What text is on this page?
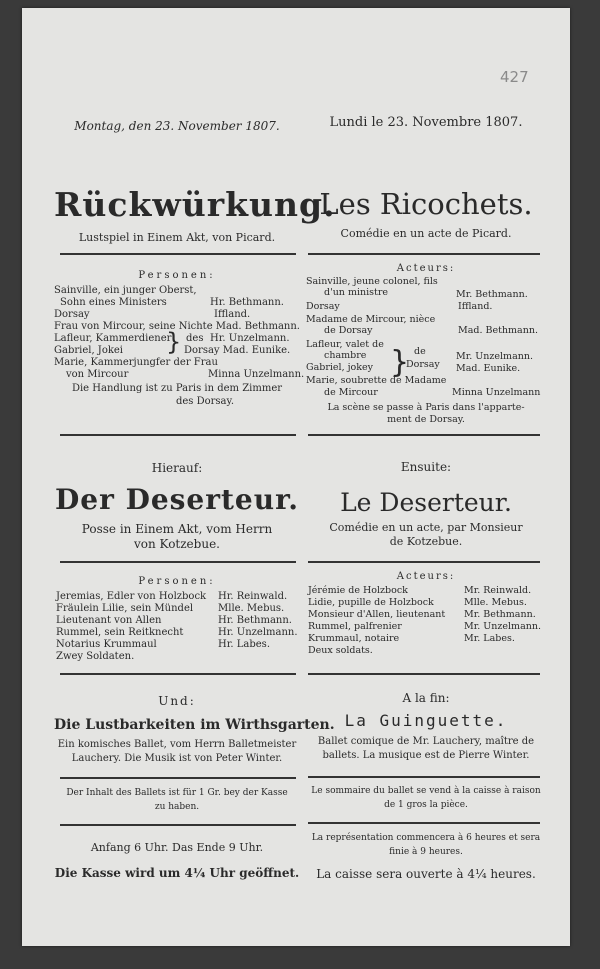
427
Montag, den 23. November 1807.
Rückwürkung.
Lustspiel in Einem Akt, von Picard.
Personen:
Sainville, ein junger Oberst,
Sohn eines Ministers	Hr. Bethmann.
Dorsay	Iffland.
Frau von Mircour, seine Nichte Mad. Bethmann.
Lafleur, Kammerdiener
} des Hr. Unzelmann.
Gabriel, Jokei	Dorsay Mad. Eunike.
Marie, Kammerjungfer der Frau
von Mircour	Minna Unzelmann.
Die Handlung ist zu Paris in dem Zimmer
des Dorsay.
Hierauf:
Der Deserteur.
Posse in Einem Akt, vom Herrn
von Kotzebue.
Personen:
Jeremias, Edler von Holzbock Hr. Reinwald.
Fräulein Lilie, sein Mündel Mlle. Mebus.
Lieutenant von Allen	Hr. Bethmann.
Rummel, sein Reitknecht	Hr. Unzelmann.
Notarius Krummaul	Hr. Labes.
Zwey Soldaten.
Und:
Die Lustbarkeiten im Wirthsgarten.
Ein komisches Ballet, vom Herrn Balletmeister
Lauchery. Die Musik ist von Peter Winter.
Der Inhalt des Ballets ist für 1 Gr. bey der Kasse
zu haben.
Anfang 6 Uhr. Das Ende 9 Uhr.
Die Kasse wird um 4¼ Uhr geöffnet.
Lundi le 23. Novembre 1807.
Les Ricochets.
Comédie en un acte de Picard.
Acteurs:
Sainville, jeune colonel, fils
d'un ministre	Mr. Bethmann.
Dorsay	Iffland.
Madame de Mircour, nièce
de Dorsay	Mad. Bethmann.
Lafleur, valet de
chambre } de	Mr. Unzelmann.
Gabriel, jokey	Dorsay Mad. Eunike.
Marie, soubrette de Madame
de Mircour	Minna Unzelmann
La scène se passe à Paris dans l'apparte-
ment de Dorsay.
Ensuite:
Le Deserteur.
Comédie en un acte, par Monsieur
de Kotzebue.
Acteurs:
Jérémie de Holzbock	Mr. Reinwald.
Lidie, pupille de Holzbock	Mlle. Mebus.
Monsieur d'Allen, lieutenant Mr. Bethmann.
Rummel, palfrenier	Mr. Unzelmann.
Krummaul, notaire	Mr. Labes.
Deux soldats.
A la fin:
La Guinguette.
Ballet comique de Mr. Lauchery, maître de
ballets. La musique est de Pierre Winter.
Le sommaire du ballet se vend à la caisse à raison
de 1 gros la pièce.
La représentation commencera à 6 heures et sera
finie à 9 heures.
La caisse sera ouverte à 4¼ heures.
